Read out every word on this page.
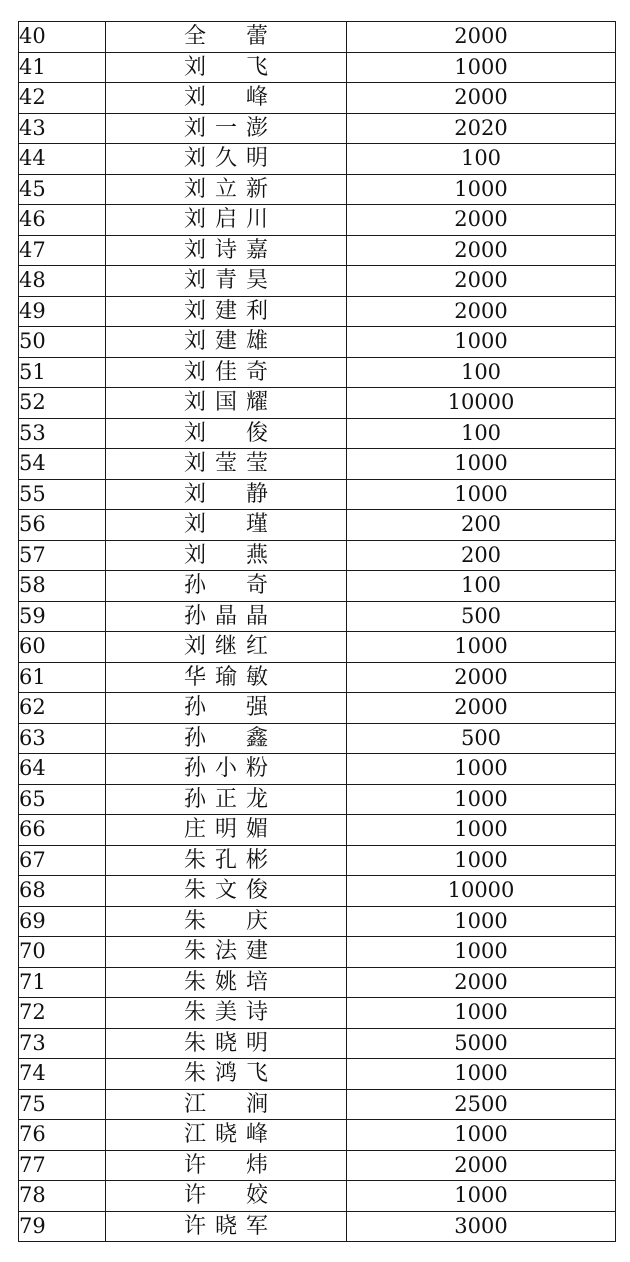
40	全 蕾	2000
41	刘 飞	1000
42	刘 峰	2000
43	刘一澎	2020
44	刘久明	100
45	刘立新	1000
46	刘启川	2000
47	刘诗嘉	2000
48	刘青昊	2000
49	刘建利	2000
50	刘建雄	1000
51	刘佳奇	100
52	刘国耀	10000
53	刘 俊	100
54	刘莹莹	1000
55	刘 静	1000
56	刘 瑾	200
57	刘 燕	200
58	孙 奇	100
59	孙晶晶	500
60	刘继红	1000
61	华瑜敏	2000
62	孙 强	2000
63	孙 鑫	500
64	孙小粉	1000
65	孙正龙	1000
66	庄明媚	1000
67	朱孔彬	1000
68	朱文俊	10000
69	朱 庆	1000
70	朱法建	1000
71	朱姚培	2000
72	朱美诗	1000
73	朱晓明	5000
74	朱鸿飞	1000
75	江 涧	2500
76	江晓峰	1000
77	许 炜	2000
78	许 姣	1000
79	许晓军	3000
